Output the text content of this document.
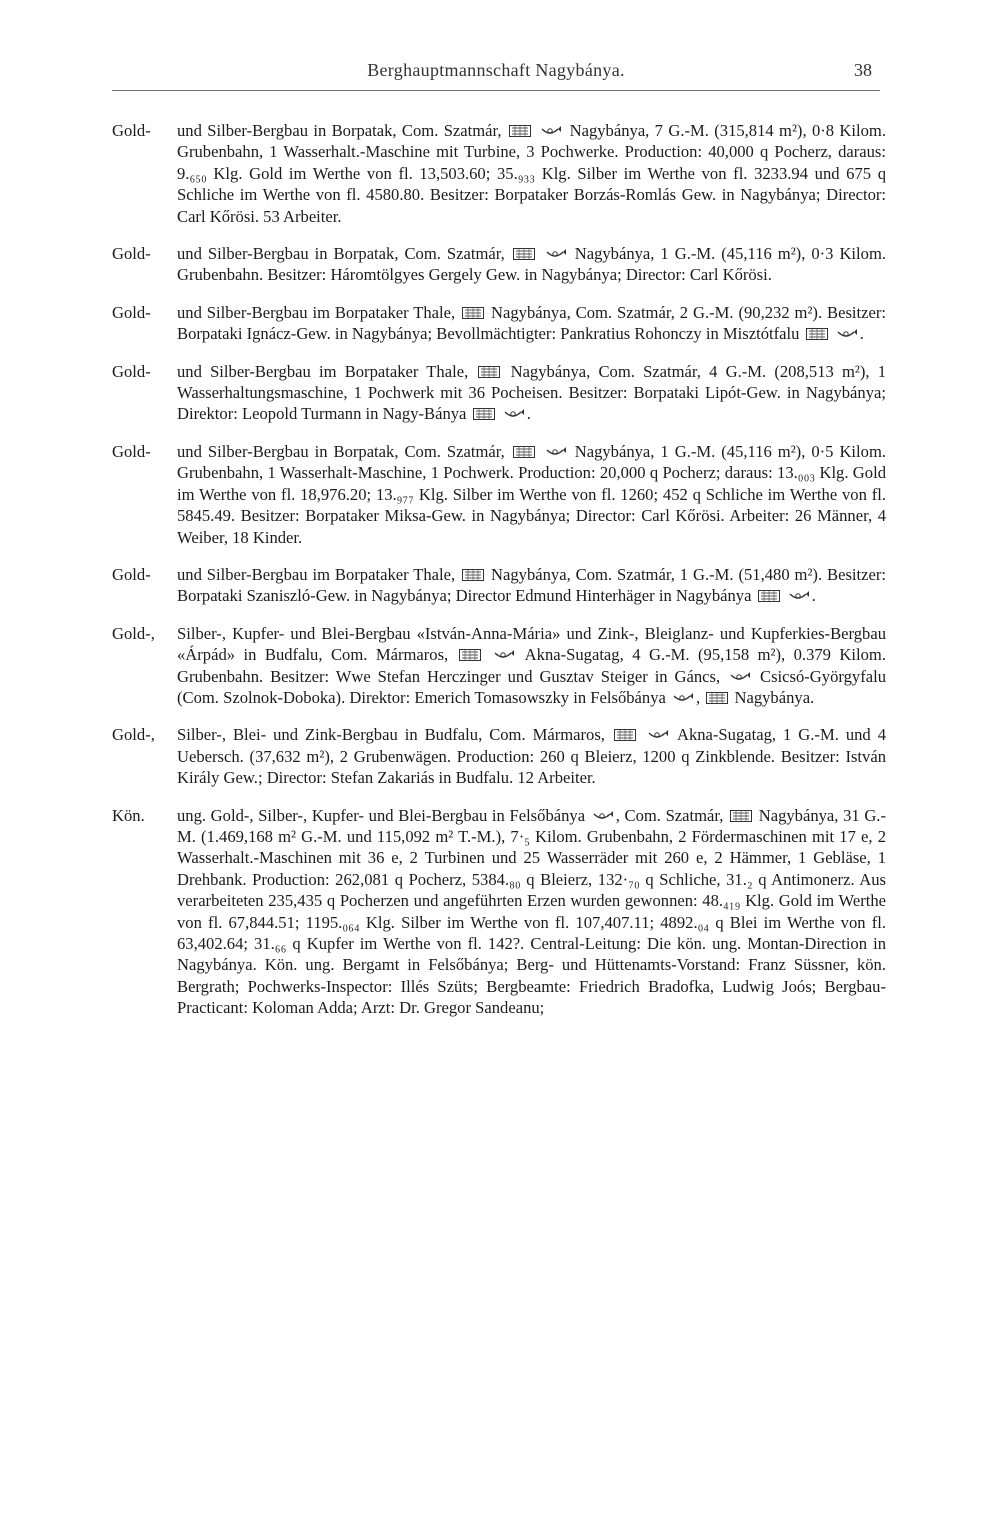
Berghauptmannschaft Nagybánya.	38
Gold-	und Silber-Bergbau in Borpatak, Com. Szatmár,
	Nagybánya, 7 G.-M. (315,814 m²), 0·8 Kilom. Grubenbahn, 1 Wasserhalt.-Maschine mit Turbine, 3 Pochwerke. Production: 40,000 q Pocherz, daraus: 9.₆₅₀ Klg. Gold im Werthe von fl. 13,503.60; 35.₉₃₃ Klg. Silber im Werthe von fl. 3233.94 und 675 q Schliche im Werthe von fl. 4580.80. Besitzer: Borpataker Borzás-Romlás Gew. in Nagybánya; Director: Carl Kőrösi. 53 Arbeiter.
Gold-	und Silber-Bergbau in Borpatak, Com. Szatmár,
	Nagybánya, 1 G.-M. (45,116 m²), 0·3 Kilom. Grubenbahn. Besitzer: Háromtölgyes Gergely Gew. in Nagybánya; Director: Carl Kőrösi.
Gold-	und Silber-Bergbau im Borpataker Thale,
Nagybánya, Com. Szatmár, 2 G.-M. (90,232 m²). Besitzer: Borpataki Ignácz-Gew. in Nagybánya; Bevollmächtigter: Pankratius Rohonczy in Misztótfalu
	.
Gold-	und Silber-Bergbau im Borpataker Thale,
Nagybánya, Com. Szatmár, 4 G.-M. (208,513 m²), 1 Wasserhaltungsmaschine, 1 Pochwerk mit 36 Pocheisen. Besitzer: Borpataki Lipót-Gew. in Nagybánya; Direktor: Leopold Turmann in Nagy-Bánya
	.
Gold-	und Silber-Bergbau in Borpatak, Com. Szatmár,
	Nagybánya, 1 G.-M. (45,116 m²), 0·5 Kilom. Grubenbahn, 1 Wasserhalt-Maschine, 1 Pochwerk. Production: 20,000 q Pocherz; daraus: 13.₀₀₃ Klg. Gold im Werthe von fl. 18,976.20; 13.₉₇₇ Klg. Silber im Werthe von fl. 1260; 452 q Schliche im Werthe von fl. 5845.49. Besitzer: Borpataker Miksa-Gew. in Nagybánya; Director: Carl Kőrösi. Arbeiter: 26 Männer, 4 Weiber, 18 Kinder.
Gold-	und Silber-Bergbau im Borpataker Thale,
Nagybánya, Com. Szatmár, 1 G.-M. (51,480 m²). Besitzer: Borpataki Szaniszló-Gew. in Nagybánya; Director Edmund Hinterhäger in Nagybánya
	.
Gold-,	Silber-, Kupfer- und Blei-Bergbau «István-Anna-Mária» und Zink-, Bleiglanz- und Kupferkies-Bergbau «Árpád» in Budfalu, Com. Mármaros,
	Akna-Sugatag, 4 G.-M. (95,158 m²), 0.379 Kilom. Grubenbahn. Besitzer: Wwe Stefan Herczinger und Gusztav Steiger in Gáncs,
Csicsó-Györgyfalu (Com. Szolnok-Doboka). Direktor: Emerich Tomasowszky in Felsőbánya
,
Nagybánya.
Gold-,	Silber-, Blei- und Zink-Bergbau in Budfalu, Com. Mármaros,
	Akna-Sugatag, 1 G.-M. und 4 Uebersch. (37,632 m²), 2 Grubenwägen. Production: 260 q Bleierz, 1200 q Zinkblende. Besitzer: István Király Gew.; Director: Stefan Zakariás in Budfalu. 12 Arbeiter.
Kön.	ung. Gold-, Silber-, Kupfer- und Blei-Bergbau in Felsőbánya
, Com. Szatmár,
Nagybánya, 31 G.-M. (1.469,168 m² G.-M. und 115,092 m² T.-M.), 7·₅ Kilom. Grubenbahn, 2 Fördermaschinen mit 17 e, 2 Wasserhalt.-Maschinen mit 36 e, 2 Turbinen und 25 Wasserräder mit 260 e, 2 Hämmer, 1 Gebläse, 1 Drehbank. Production: 262,081 q Pocherz, 5384.₈₀ q Bleierz, 132·₇₀ q Schliche, 31.₂ q Antimonerz. Aus verarbeiteten 235,435 q Pocherzen und angeführten Erzen wurden gewonnen: 48.₄₁₉ Klg. Gold im Werthe von fl. 67,844.51; 1195.₀₆₄ Klg. Silber im Werthe von fl. 107,407.11; 4892.₀₄ q Blei im Werthe von fl. 63,402.64; 31.₆₆ q Kupfer im Werthe von fl. 142?. Central-Leitung: Die kön. ung. Montan-Direction in Nagybánya. Kön. ung. Bergamt in Felsőbánya; Berg- und Hüttenamts-Vorstand: Franz Süssner, kön. Bergrath; Pochwerks-Inspector: Illés Szüts; Bergbeamte: Friedrich Bradofka, Ludwig Joós; Bergbau-Practicant: Koloman Adda; Arzt: Dr. Gregor Sandeanu;
